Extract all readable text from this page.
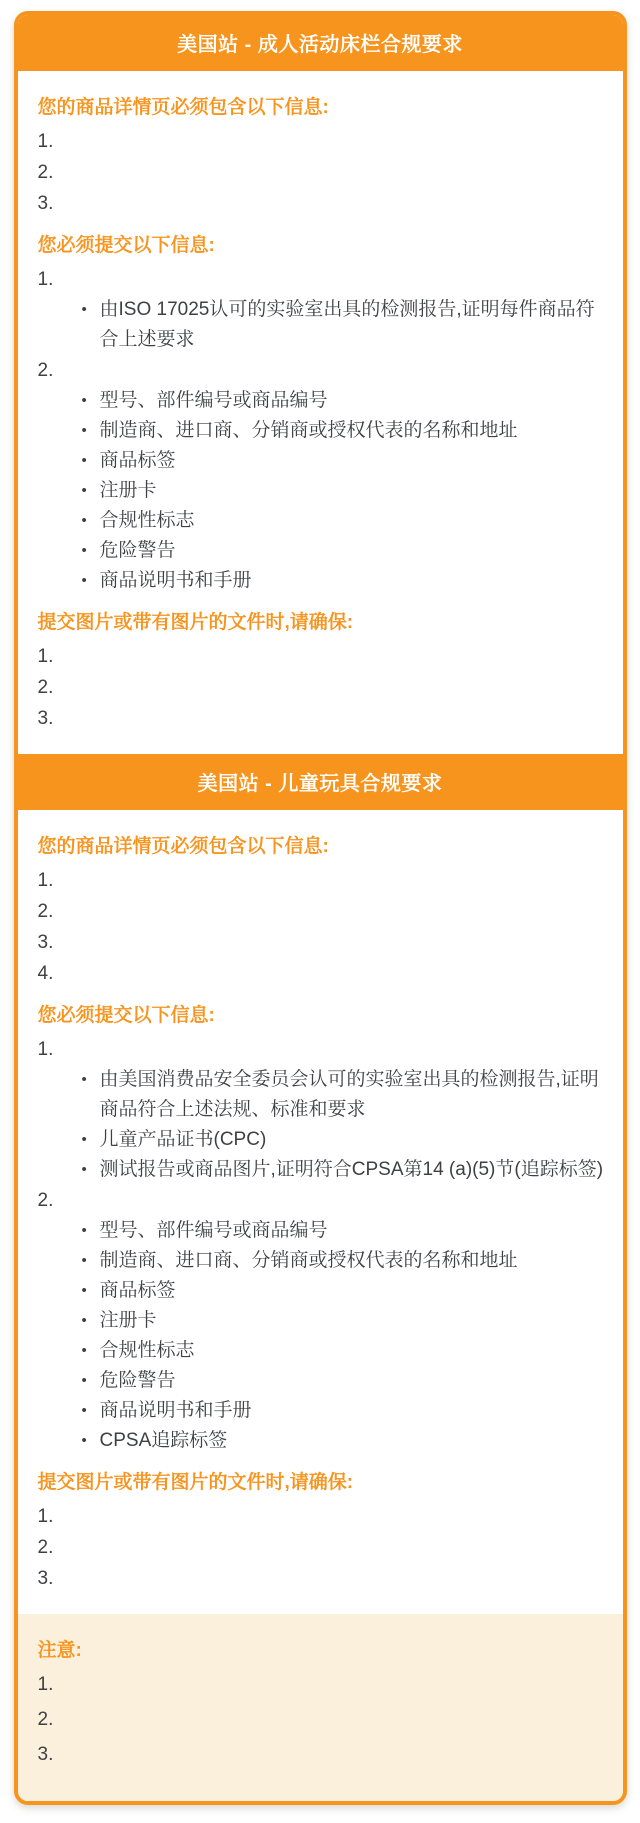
美国站 - 成人活动床栏合规要求
您的商品详情页必须包含以下信息:
1.
2.
3.
您必须提交以下信息:
1.
• 由ISO 17025认可的实验室出具的检测报告,证明每件商品符合上述要求
2.
• 型号、部件编号或商品编号
• 制造商、进口商、分销商或授权代表的名称和地址
• 商品标签
• 注册卡
• 合规性标志
• 危险警告
• 商品说明书和手册
提交图片或带有图片的文件时,请确保:
1.
2.
3.
美国站 - 儿童玩具合规要求
您的商品详情页必须包含以下信息:
1.
2.
3.
4.
您必须提交以下信息:
1.
• 由美国消费品安全委员会认可的实验室出具的检测报告,证明商品符合上述法规、标准和要求
• 儿童产品证书(CPC)
• 测试报告或商品图片,证明符合CPSA第14 (a)(5)节(追踪标签)
2.
• 型号、部件编号或商品编号
• 制造商、进口商、分销商或授权代表的名称和地址
• 商品标签
• 注册卡
• 合规性标志
• 危险警告
• 商品说明书和手册
• CPSA追踪标签
提交图片或带有图片的文件时,请确保:
1.
2.
3.
注意:
1.
2.
3.
